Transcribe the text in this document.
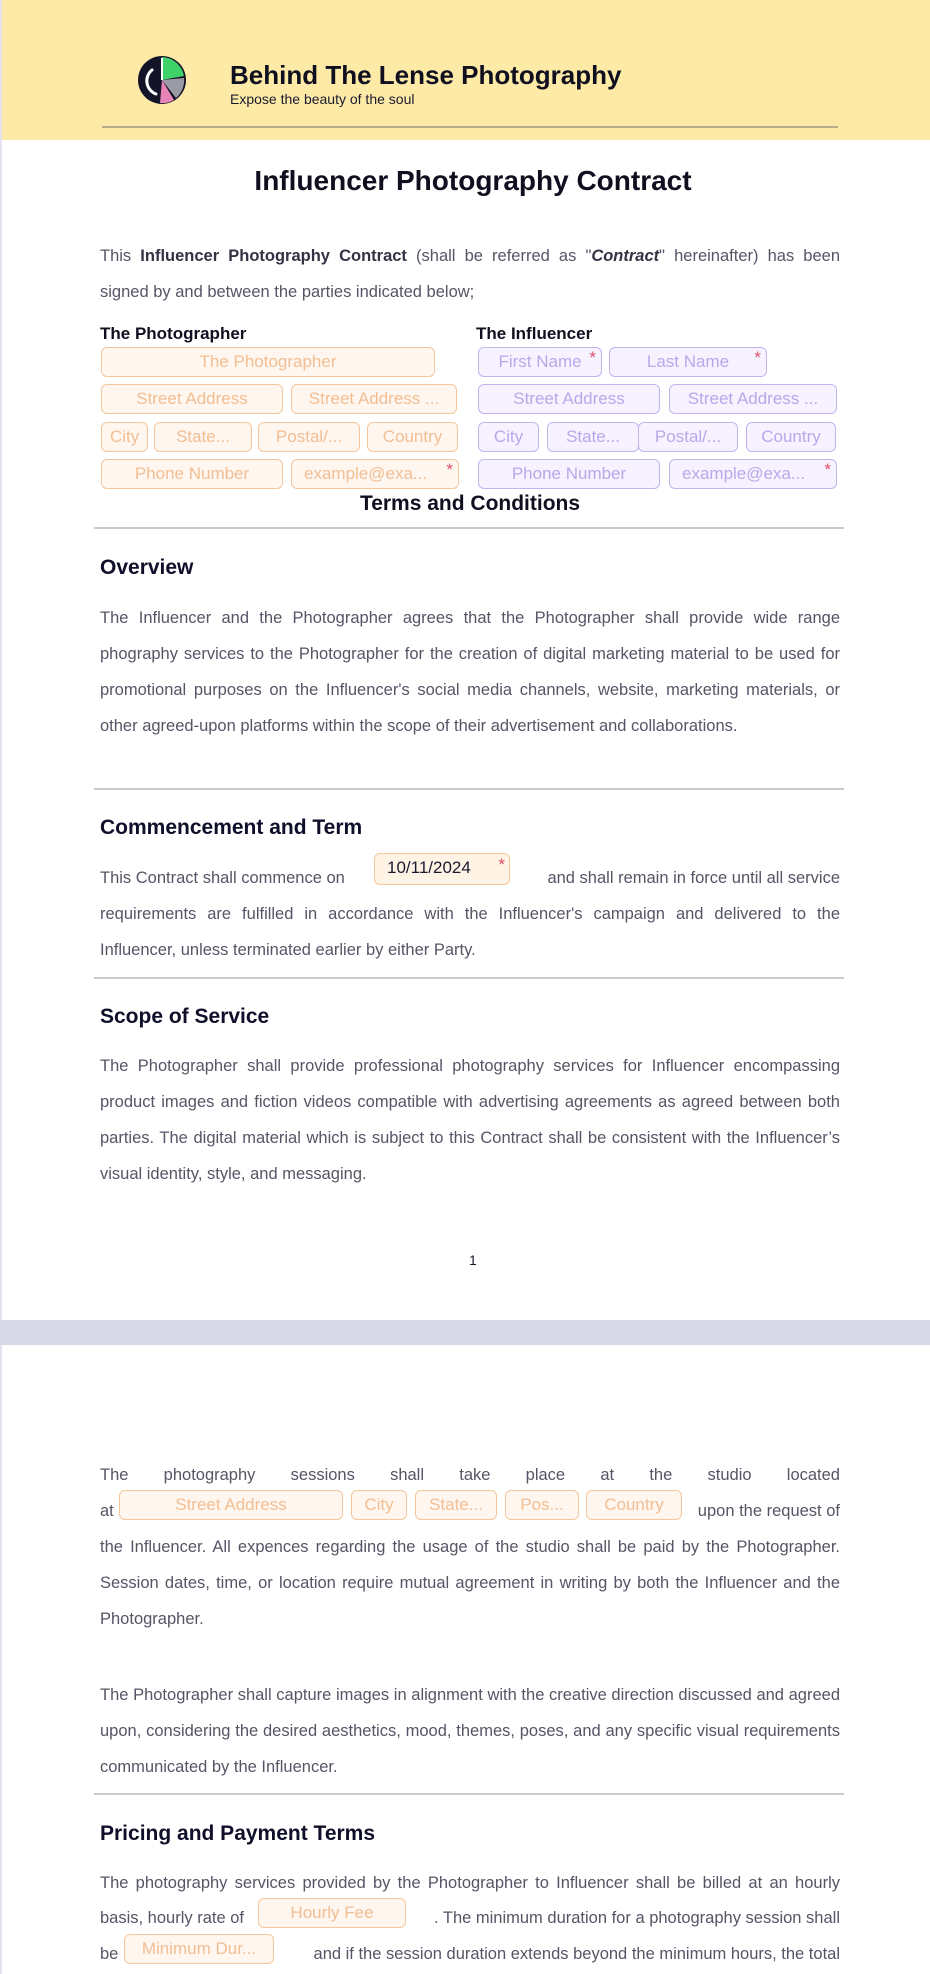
Behind The Lense Photography
Expose the beauty of the soul
Influencer Photography Contract
This Influencer Photography Contract (shall be referred as "Contract" hereinafter) has been signed by and between the parties indicated below;
The Photographer
The Photographer
Street Address	Street Address ...
City	State...	Postal/...	Country
Phone Number	example@exa... *
The Influencer
First Name *	Last Name *
Street Address	Street Address ...
City	State...	Postal/...	Country
Phone Number	example@exa... *
Terms and Conditions
Overview
The Influencer and the Photographer agrees that the Photographer shall provide wide range phography services to the Photographer for the creation of digital marketing material to be used for promotional purposes on the Influencer's social media channels, website, marketing materials, or other agreed-upon platforms within the scope of their advertisement and collaborations.
Commencement and Term
This Contract shall commence on
10/11/2024 *
and shall remain in force until all service
requirements are fulfilled in accordance with the Influencer's campaign and delivered to the Influencer, unless terminated earlier by either Party.
Scope of Service
The Photographer shall provide professional photography services for Influencer encompassing product images and fiction videos compatible with advertising agreements as agreed between both parties. The digital material which is subject to this Contract shall be consistent with the Influencer’s visual identity, style, and messaging.
1
The photography sessions shall take place at the studio located
at	Street Address	City	State...	Pos...	Country	upon the request of
the Influencer. All expences regarding the usage of the studio shall be paid by the Photographer. Session dates, time, or location require mutual agreement in writing by both the Influencer and the Photographer.
The Photographer shall capture images in alignment with the creative direction discussed and agreed upon, considering the desired aesthetics, mood, themes, poses, and any specific visual requirements communicated by the Influencer.
Pricing and Payment Terms
The photography services provided by the Photographer to Influencer shall be billed at an hourly
basis, hourly rate of	Hourly Fee	. The minimum duration for a photography session shall
be	Minimum Dur...	and if the session duration extends beyond the minimum hours, the total
